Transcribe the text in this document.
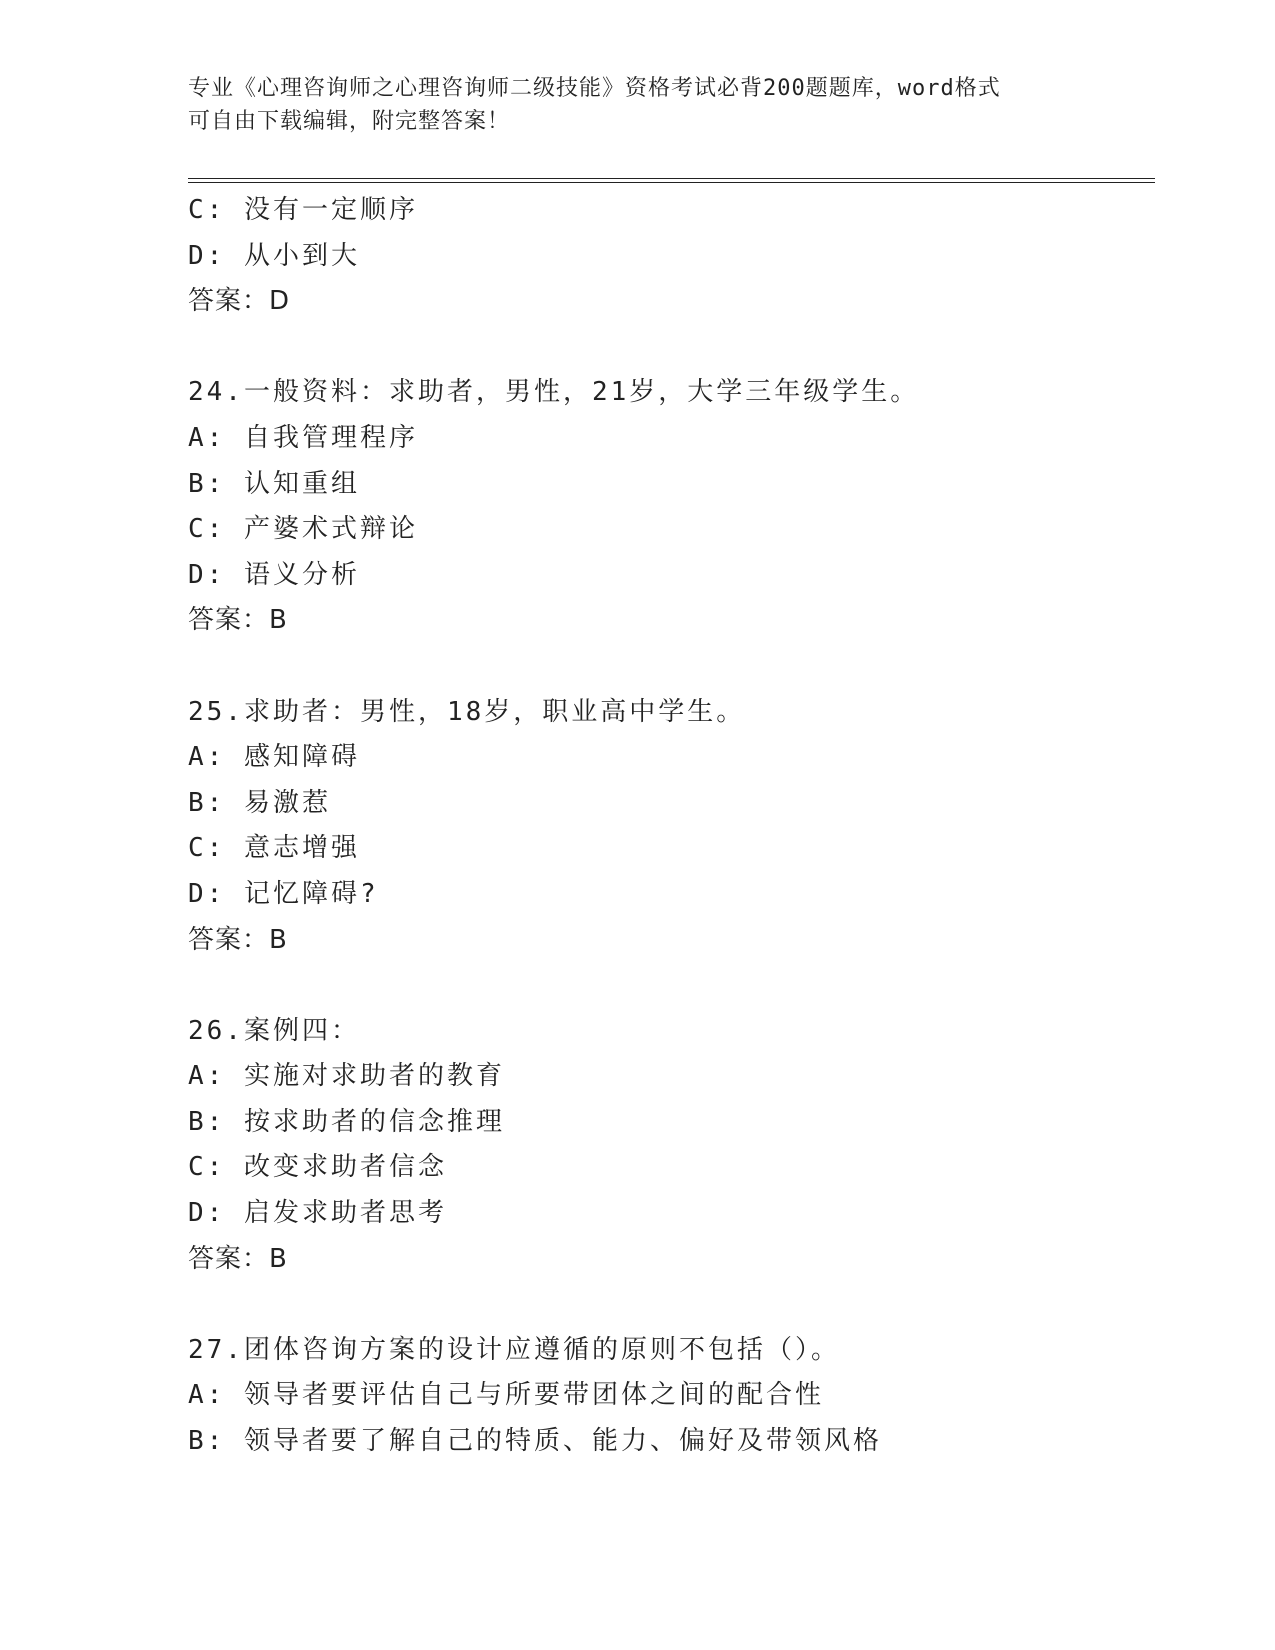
专业《心理咨询师之心理咨询师二级技能》资格考试必背200题题库，word格式
可自由下载编辑，附完整答案！
C: 没有一定顺序
D: 从小到大
答案：D
24.一般资料：求助者，男性，21岁，大学三年级学生。
A: 自我管理程序
B: 认知重组
C: 产婆术式辩论
D: 语义分析
答案：B
25.求助者：男性，18岁，职业高中学生。
A: 感知障碍
B: 易激惹
C: 意志增强
D: 记忆障碍?
答案：B
26.案例四：
A: 实施对求助者的教育
B: 按求助者的信念推理
C: 改变求助者信念
D: 启发求助者思考
答案：B
27.团体咨询方案的设计应遵循的原则不包括（）。
A: 领导者要评估自己与所要带团体之间的配合性
B: 领导者要了解自己的特质、能力、偏好及带领风格
